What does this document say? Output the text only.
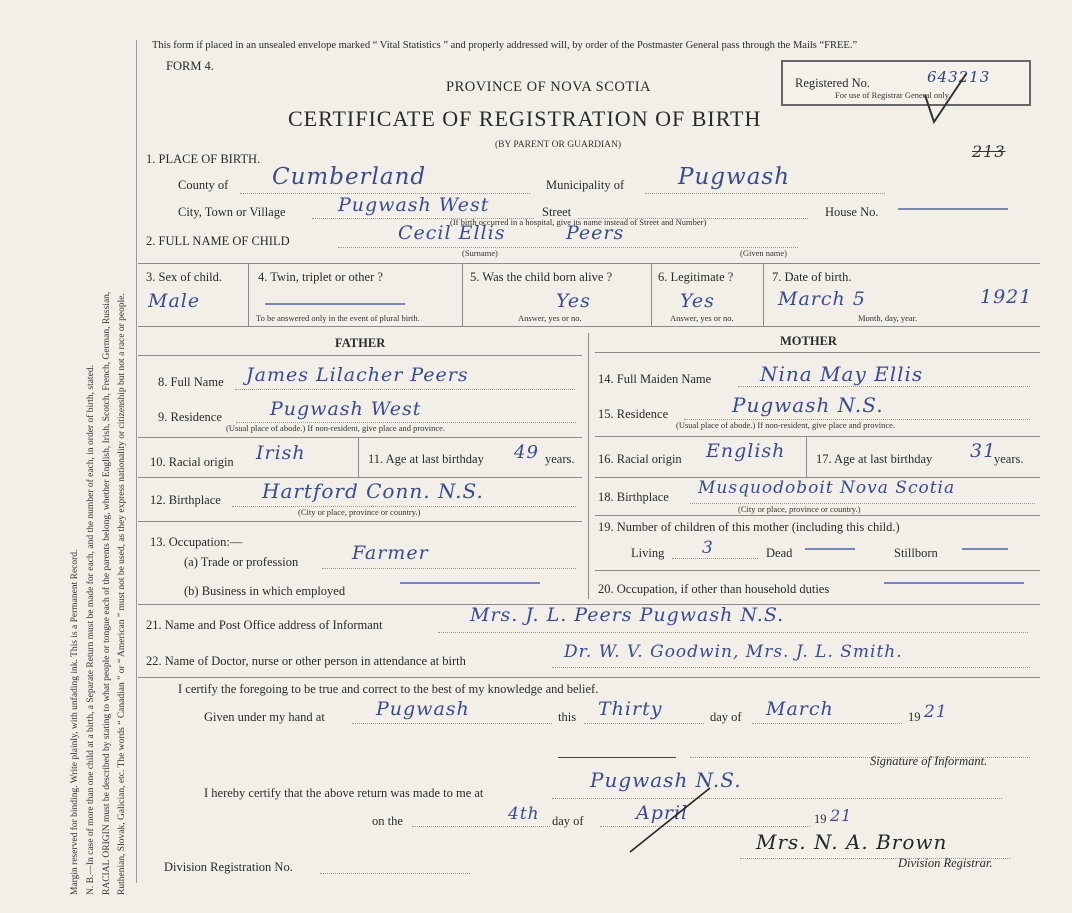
Margin reserved for binding. Write plainly, with unfading ink. This is a Permanent Record. N. B.—In case of more than one child at a birth, a Separate Return must be made for each, and the number of each, in order of birth, stated. RACIAL ORIGIN must be described by stating to what people or tongue each of the parents belong, whether English, Irish, Scotch, French, German, Russian, Ruthenian, Slovak, Galician, etc. The words “ Canadian ” or “ American ” must not be used, as they express nationality or citizenship but not a race or people.
This form if placed in an unsealed envelope marked “ Vital Statistics ” and properly addressed will, by order of the Postmaster General pass through the Mails “FREE.”
FORM 4.
PROVINCE OF NOVA SCOTIA
CERTIFICATE OF REGISTRATION OF BIRTH
(BY PARENT OR GUARDIAN)
Registered No.	643213
For use of Registrar General only.
213
1. PLACE OF BIRTH.
County of Cumberland	Municipality of Pugwash
City, Town or Village	Pugwash West	Street
(If birth occurred in a hospital, give its name instead of Street and Number)
House No.
2. FULL NAME OF CHILD	Cecil Ellis	Peers
(Surname)	(Given name)
3. Sex of child.
Male
4. Twin, triplet or other ?
To be answered only in the event of plural birth.
5. Was the child born alive ?
Yes
Answer, yes or no.
6. Legitimate ?
Yes
Answer, yes or no.
7. Date of birth.
March 5	1921
Month, day, year.
FATHER	MOTHER
8. Full Name James Lilacher Peers
9. Residence	Pugwash West
(Usual place of abode.) If non-resident, give place and province.
10. Racial origin Irish	11. Age at last birthday 49 years.
12. Birthplace Hartford Conn. N.S.
(City or place, province or country.)
13. Occupation:—
(a) Trade or profession	Farmer
(b) Business in which employed
14. Full Maiden Name Nina May Ellis
15. Residence	Pugwash N.S.
(Usual place of abode.) If non-resident, give place and province.
16. Racial origin English 17. Age at last birthday 31
years.
18. Birthplace Musquodoboit Nova Scotia
(City or place, province or country.)
19. Number of children of this mother (including this child.)
Living 3	Dead	Stillborn
20. Occupation, if other than household duties
21. Name and Post Office address of Informant	Mrs. J. L. Peers Pugwash N.S.
22. Name of Doctor, nurse or other person in attendance at birth	Dr. W. V. Goodwin, Mrs. J. L. Smith.
I certify the foregoing to be true and correct to the best of my knowledge and belief.
Given under my hand at	Pugwash	this Thirty	day of March	19 21
Signature of Informant.
I hereby certify that the above return was made to me at
Pugwash N.S.
on the	4th day of	April	19 21
Mrs. N. A. Brown
Division Registrar.
Division Registration No.
